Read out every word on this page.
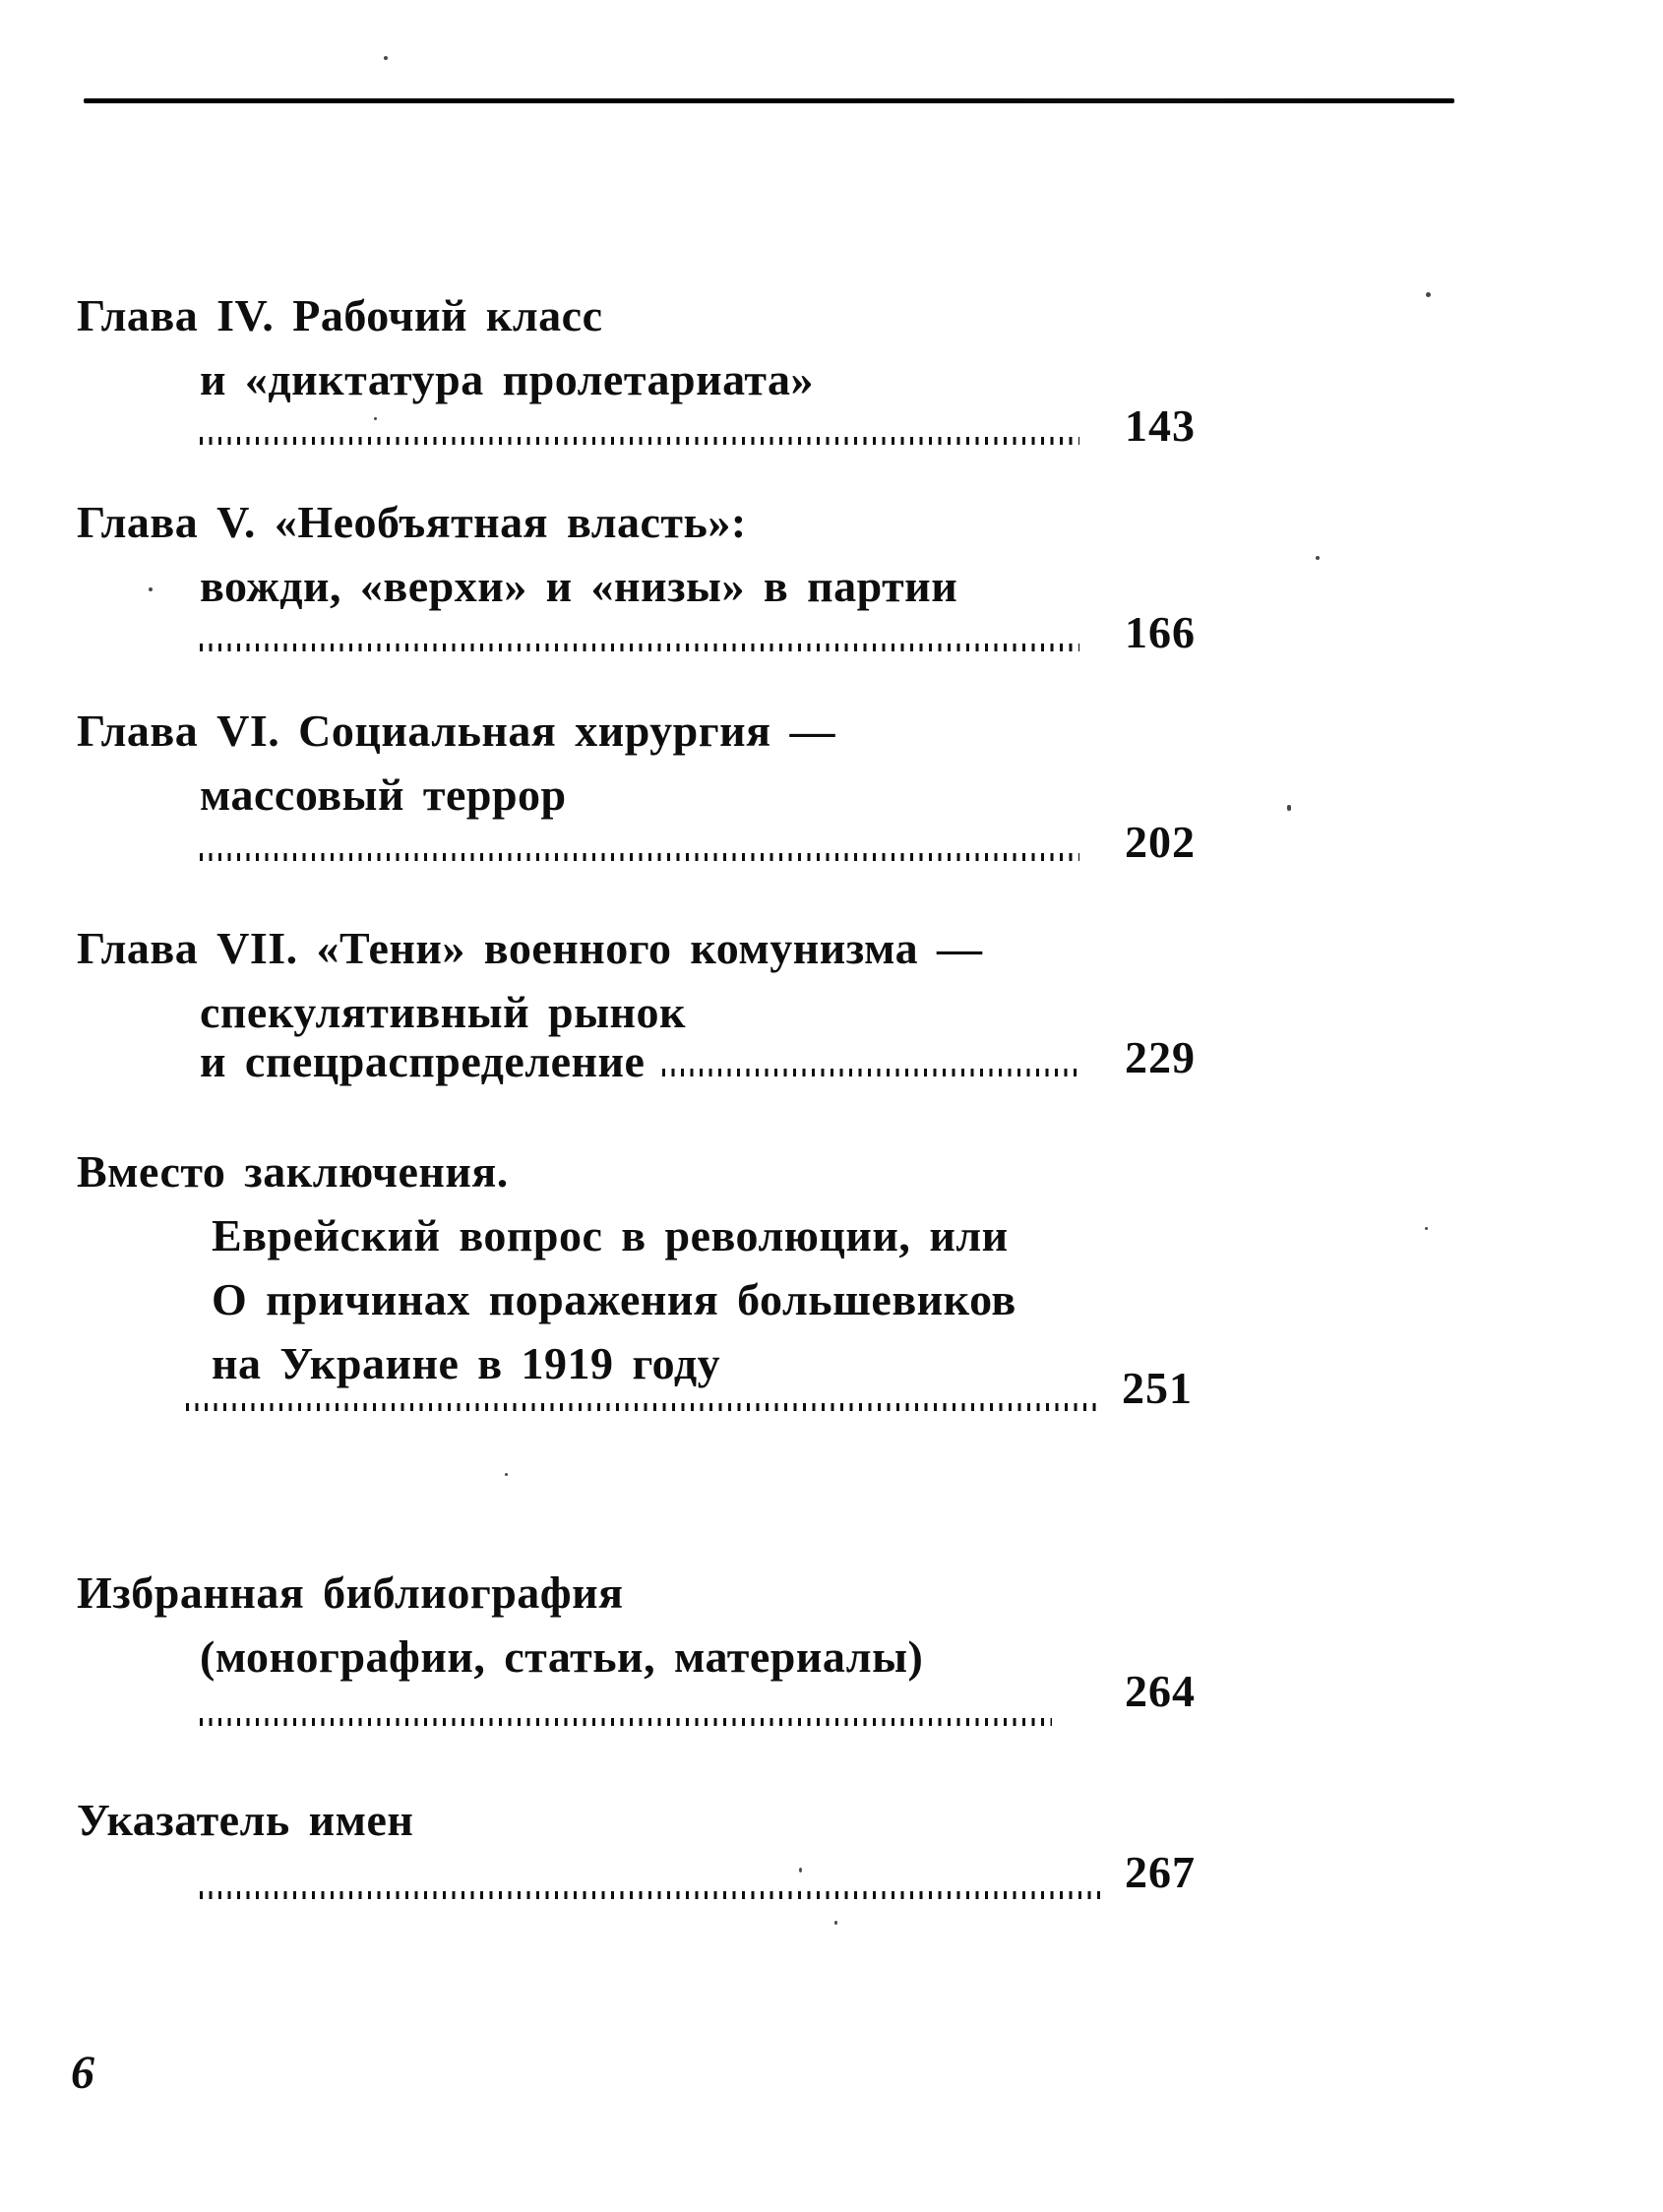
Глава IV. Рабочий класс
и «диктатура пролетариата»
143
Глава V. «Необъятная власть»:
вожди, «верхи» и «низы» в партии
166
Глава VI. Социальная хирургия —
массовый террор
202
Глава VII. «Тени» военного комунизма —
спекулятивный рынок
и спецраспределение	229
Вместо заключения.
Еврейский вопрос в революции, или
О причинах поражения большевиков
на Украине в 1919 году	251
Избранная библиография
(монографии, статьи, материалы)
264
Указатель имен
267
6
